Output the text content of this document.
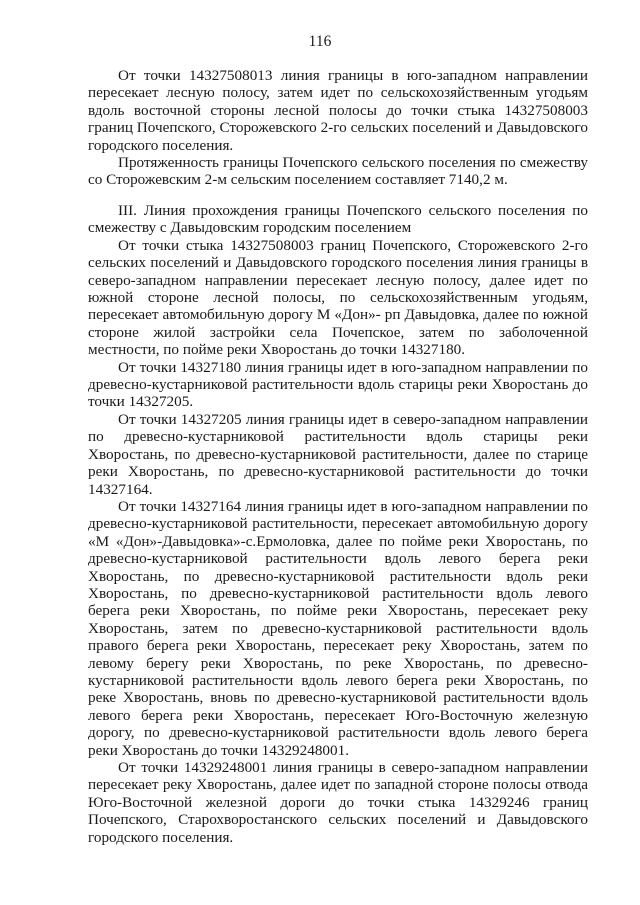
116

От точки 14327508013 линия границы в юго-западном направлении пересекает лесную полосу, затем идет по сельскохозяйственным угодьям вдоль восточной стороны лесной полосы до точки стыка 14327508003 границ Почепского, Сторожевского 2-го сельских поселений и Давыдовского городского поселения.

Протяженность границы Почепского сельского поселения по смежеству со Сторожевским 2-м сельским поселением составляет 7140,2 м.

III. Линия прохождения границы Почепского сельского поселения по смежеству с Давыдовским городским поселением

От точки стыка 14327508003 границ Почепского, Сторожевского 2-го сельских поселений и Давыдовского городского поселения линия границы в северо-западном направлении пересекает лесную полосу, далее идет по южной стороне лесной полосы, по сельскохозяйственным угодьям, пересекает автомобильную дорогу М «Дон»- рп Давыдовка, далее по южной стороне жилой застройки села Почепское, затем по заболоченной местности, по пойме реки Хворостань до точки 14327180.

От точки 14327180 линия границы идет в юго-западном направлении по древесно-кустарниковой растительности вдоль старицы реки Хворостань до точки 14327205.

От точки 14327205 линия границы идет в северо-западном направлении по древесно-кустарниковой растительности вдоль старицы реки Хворостань, по древесно-кустарниковой растительности, далее по старице реки Хворостань, по древесно-кустарниковой растительности до точки 14327164.

От точки 14327164 линия границы идет в юго-западном направлении по древесно-кустарниковой растительности, пересекает автомобильную дорогу «М «Дон»-Давыдовка»-с.Ермоловка, далее по пойме реки Хворостань, по древесно-кустарниковой растительности вдоль левого берега реки Хворостань, по древесно-кустарниковой растительности вдоль реки Хворостань, по древесно-кустарниковой растительности вдоль левого берега реки Хворостань, по пойме реки Хворостань, пересекает реку Хворостань, затем по древесно-кустарниковой растительности вдоль правого берега реки Хворостань, пересекает реку Хворостань, затем по левому берегу реки Хворостань, по реке Хворостань, по древесно-кустарниковой растительности вдоль левого берега реки Хворостань, по реке Хворостань, вновь по древесно-кустарниковой растительности вдоль левого берега реки Хворостань, пересекает Юго-Восточную железную дорогу, по древесно-кустарниковой растительности вдоль левого берега реки Хворостань до точки 14329248001.

От точки 14329248001 линия границы в северо-западном направлении пересекает реку Хворостань, далее идет по западной стороне полосы отвода Юго-Восточной железной дороги до точки стыка 14329246 границ Почепского, Старохворостанского сельских поселений и Давыдовского городского поселения.
